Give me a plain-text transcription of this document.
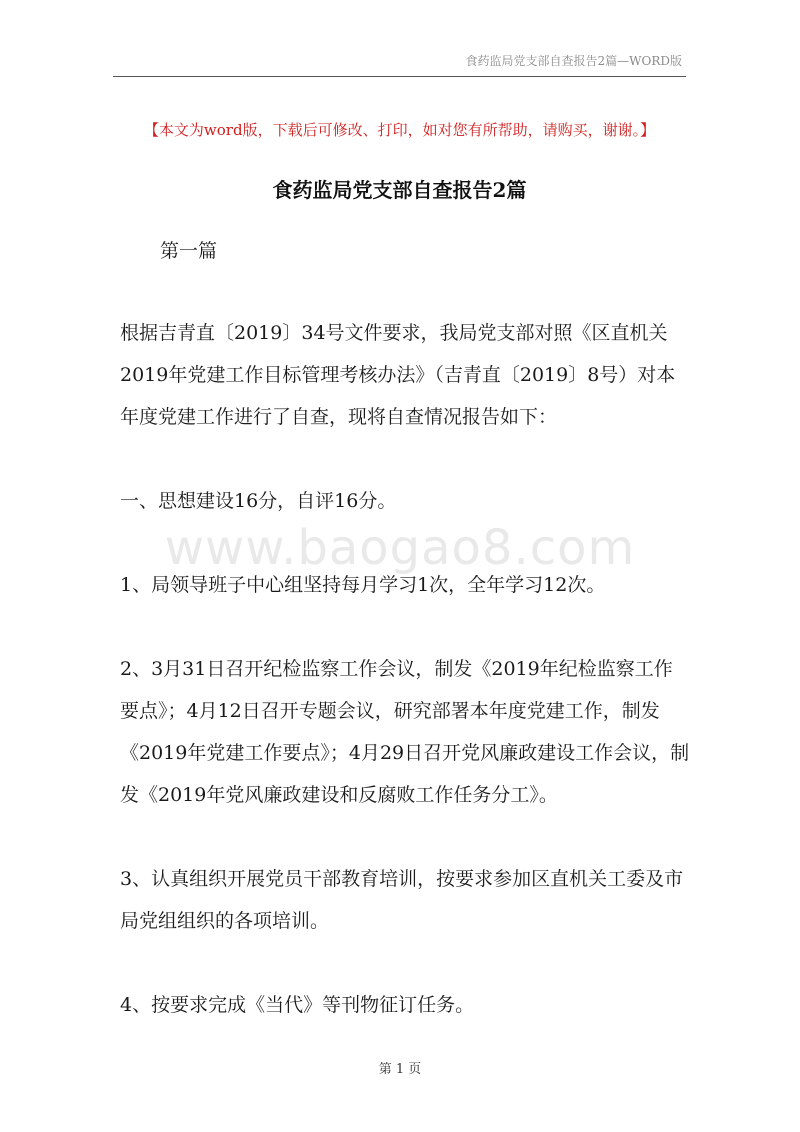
食药监局党支部自查报告2篇—WORD版
【本文为word版，下载后可修改、打印，如对您有所帮助，请购买，谢谢。】
食药监局党支部自查报告2篇
第一篇
根据吉青直〔2019〕34号文件要求，我局党支部对照《区直机关2019年党建工作目标管理考核办法》（吉青直〔2019〕8号）对本年度党建工作进行了自查，现将自查情况报告如下：
一、思想建设16分，自评16分。
www.baogao8.com
1、局领导班子中心组坚持每月学习1次，全年学习12次。
2、3月31日召开纪检监察工作会议，制发《2019年纪检监察工作要点》；4月12日召开专题会议，研究部署本年度党建工作，制发《2019年党建工作要点》；4月29日召开党风廉政建设工作会议，制发《2019年党风廉政建设和反腐败工作任务分工》。
3、认真组织开展党员干部教育培训，按要求参加区直机关工委及市局党组组织的各项培训。
4、按要求完成《当代》等刊物征订任务。
第 1 页
